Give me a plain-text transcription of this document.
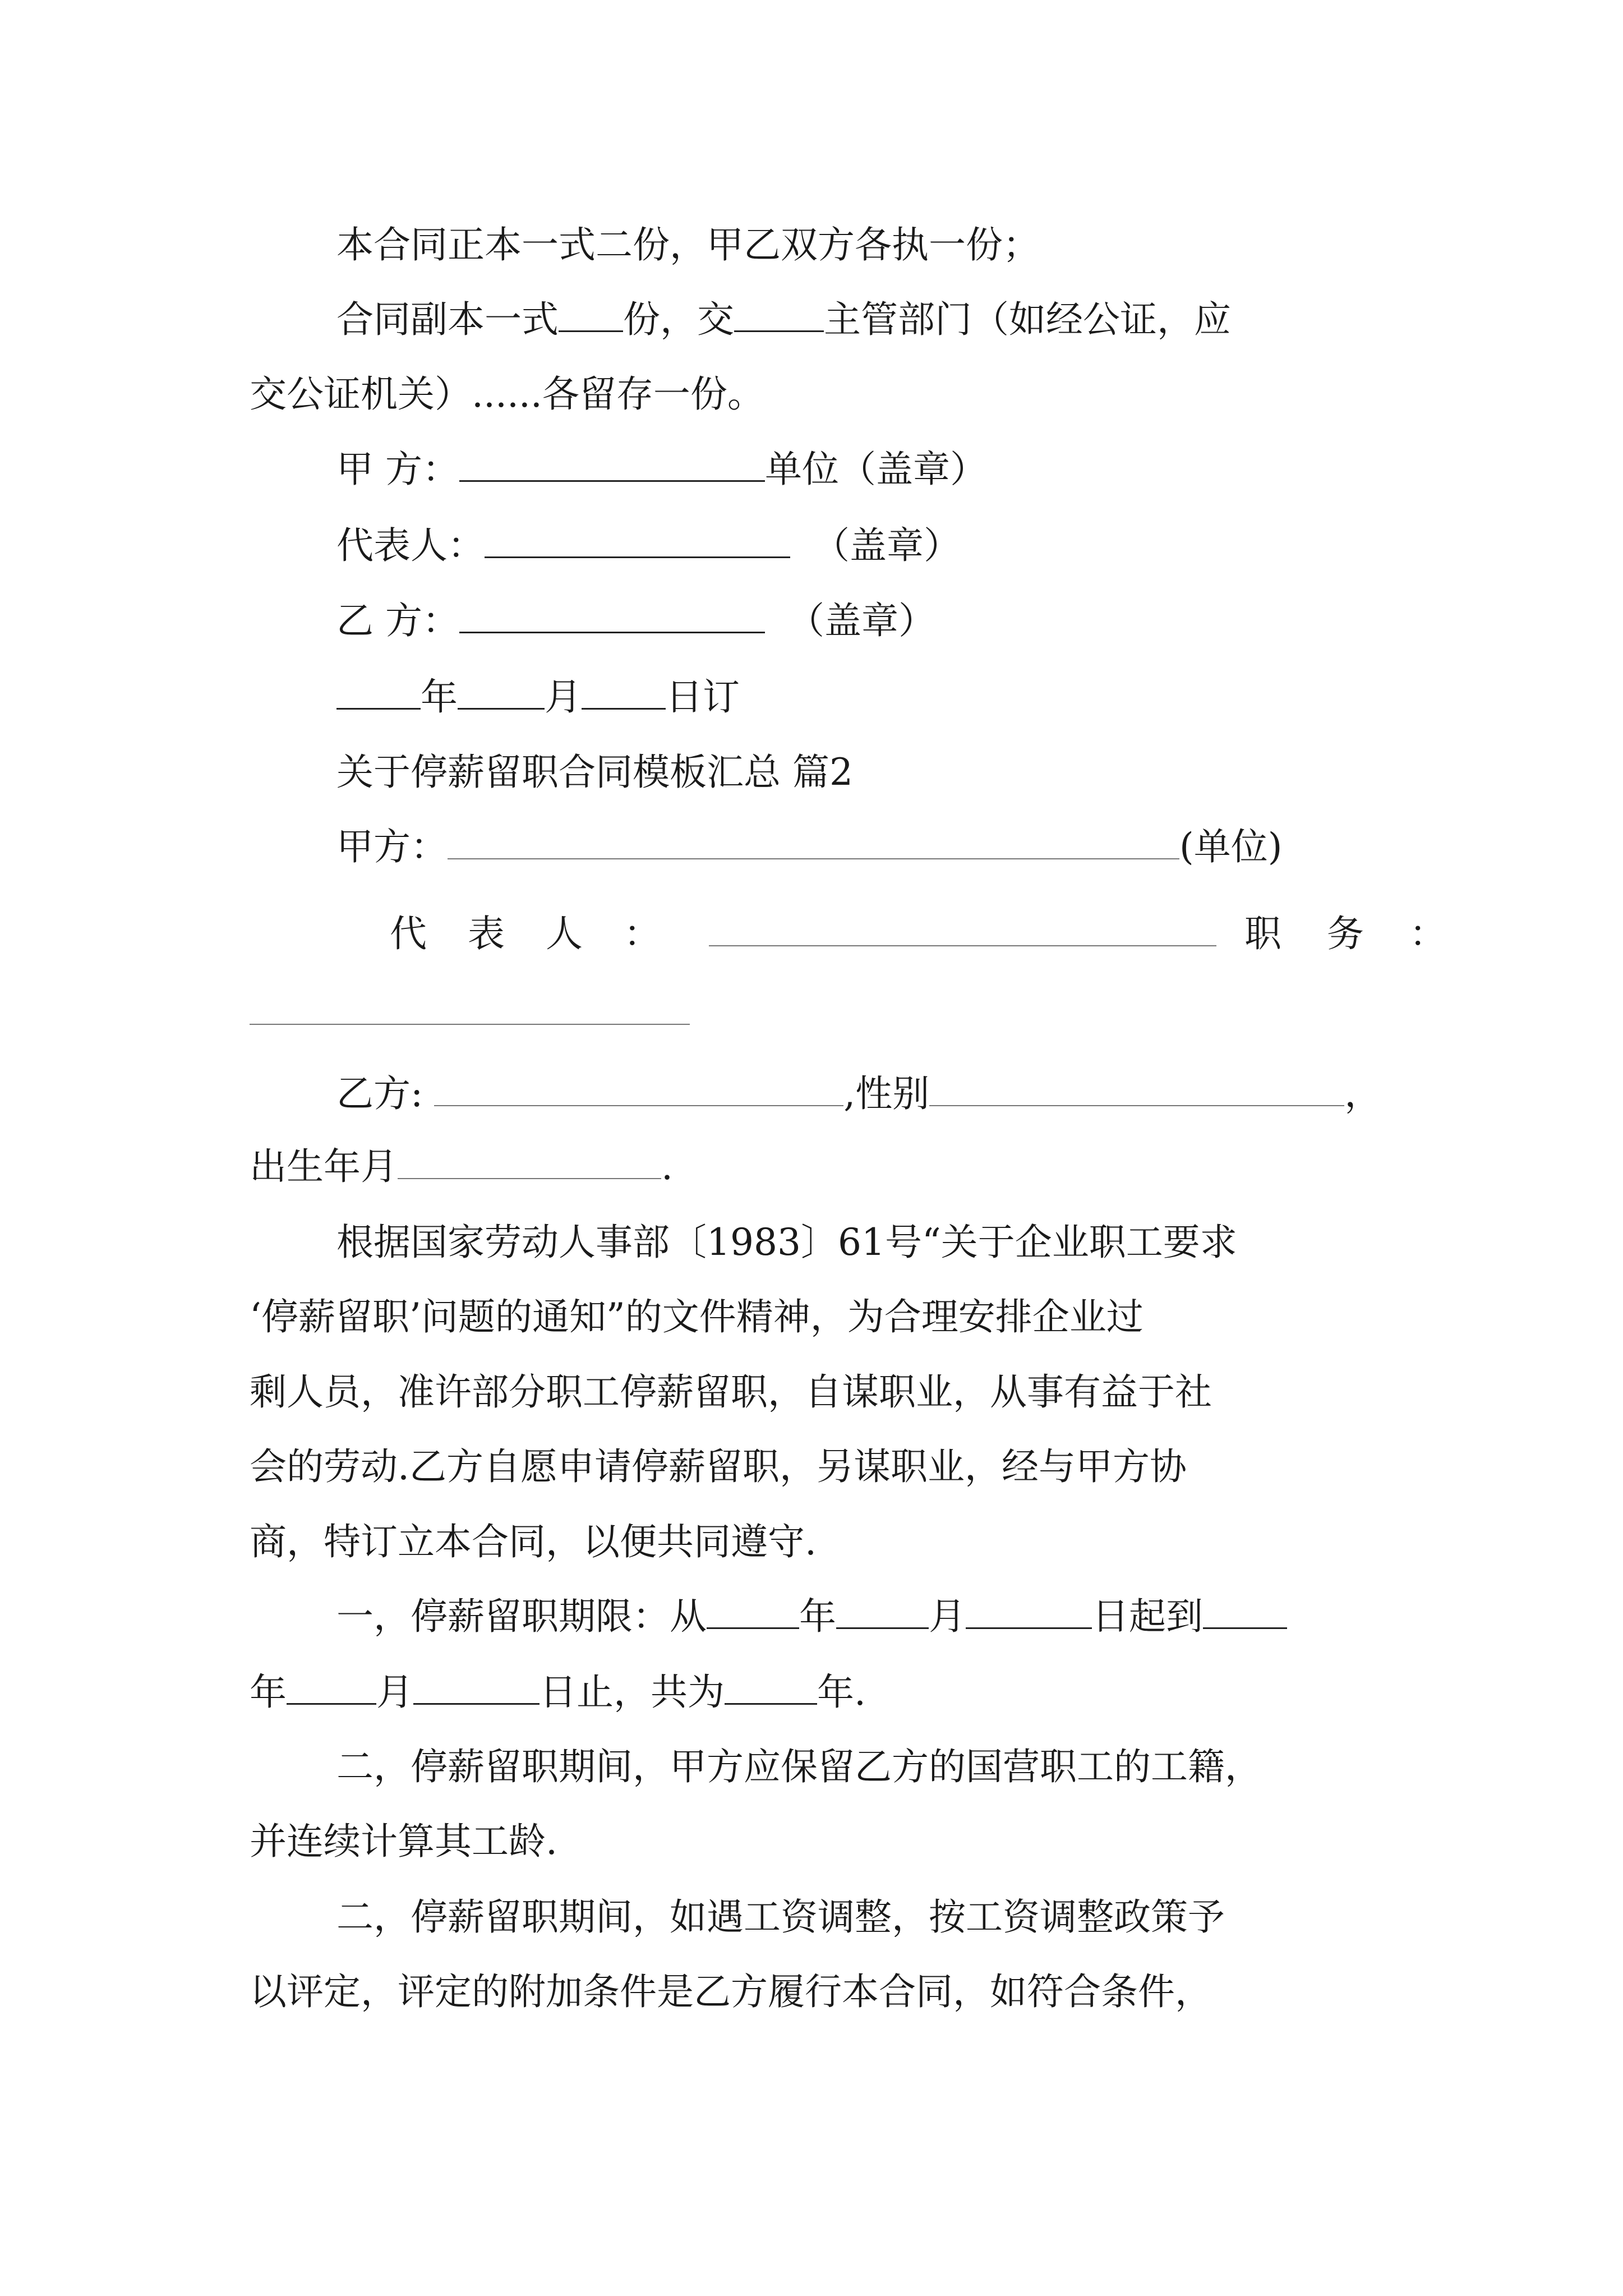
本合同正本一式二份，甲乙双方各执一份；
合同副本一式 份，交 主管部门（如经公证，应
交公证机关）......各留存一份。
甲 方：	单位（盖章）
代表人：	（盖章）
乙 方：	（盖章）
年 月 日订
关于停薪留职合同模板汇总 篇2
甲方：	(单位)
代 表 人 ：	职 务 ：
乙方:	,性别	，
出生年月	.
根据国家劳动人事部〔1983〕61号“关于企业职工要求
‘停薪留职’问题的通知”的文件精神，为合理安排企业过
剩人员，准许部分职工停薪留职，自谋职业，从事有益于社
会的劳动.乙方自愿申请停薪留职，另谋职业，经与甲方协
商，特订立本合同，以便共同遵守.
一，停薪留职期限：从	年	月	日起到
年 月	日止，共为	年.
二，停薪留职期间，甲方应保留乙方的国营职工的工籍，
并连续计算其工龄.
二，停薪留职期间，如遇工资调整，按工资调整政策予
以评定，评定的附加条件是乙方履行本合同，如符合条件，
